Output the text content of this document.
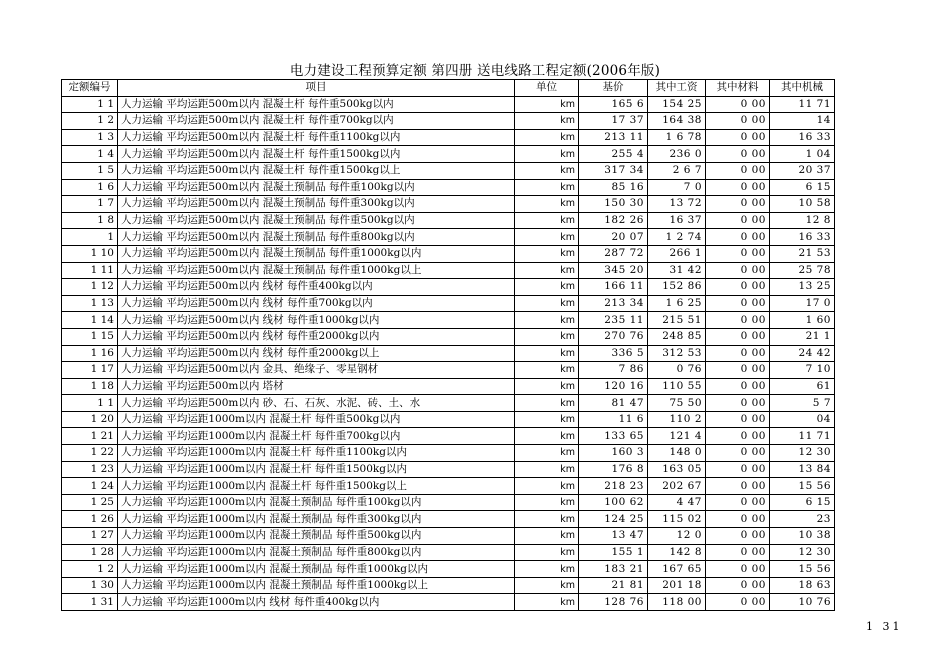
电力建设工程预算定额 第四册 送电线路工程定额(2006年版)
定额编号	项目	单位	基价	其中工资	其中材料	其中机械
1 1	人力运输 平均运距500m以内 混凝土杆 每件重500kg以内	km	165 6	154 25	0 00	11 71
1 2	人力运输 平均运距500m以内 混凝土杆 每件重700kg以内	km	17 37	164 38	0 00	14
1 3	人力运输 平均运距500m以内 混凝土杆 每件重1100kg以内	km	213 11	1 6 78	0 00	16 33
1 4	人力运输 平均运距500m以内 混凝土杆 每件重1500kg以内	km	255 4	236 0	0 00	1 04
1 5	人力运输 平均运距500m以内 混凝土杆 每件重1500kg以上	km	317 34	2 6 7	0 00	20 37
1 6	人力运输 平均运距500m以内 混凝土预制品 每件重100kg以内	km	85 16	7 0	0 00	6 15
1 7	人力运输 平均运距500m以内 混凝土预制品 每件重300kg以内	km	150 30	13 72	0 00	10 58
1 8	人力运输 平均运距500m以内 混凝土预制品 每件重500kg以内	km	182 26	16 37	0 00	12 8
1	人力运输 平均运距500m以内 混凝土预制品 每件重800kg以内	km	20 07	1 2 74	0 00	16 33
1 10	人力运输 平均运距500m以内 混凝土预制品 每件重1000kg以内	km	287 72	266 1	0 00	21 53
1 11	人力运输 平均运距500m以内 混凝土预制品 每件重1000kg以上	km	345 20	31 42	0 00	25 78
1 12	人力运输 平均运距500m以内 线材 每件重400kg以内	km	166 11	152 86	0 00	13 25
1 13	人力运输 平均运距500m以内 线材 每件重700kg以内	km	213 34	1 6 25	0 00	17 0
1 14	人力运输 平均运距500m以内 线材 每件重1000kg以内	km	235 11	215 51	0 00	1 60
1 15	人力运输 平均运距500m以内 线材 每件重2000kg以内	km	270 76	248 85	0 00	21 1
1 16	人力运输 平均运距500m以内 线材 每件重2000kg以上	km	336 5	312 53	0 00	24 42
1 17	人力运输 平均运距500m以内 金具、绝缘子、零星钢材	km	7 86	0 76	0 00	7 10
1 18	人力运输 平均运距500m以内 塔材	km	120 16	110 55	0 00	61
1 1	人力运输 平均运距500m以内 砂、石、石灰、水泥、砖、土、水	km	81 47	75 50	0 00	5 7
1 20	人力运输 平均运距1000m以内 混凝土杆 每件重500kg以内	km	11 6	110 2	0 00	04
1 21	人力运输 平均运距1000m以内 混凝土杆 每件重700kg以内	km	133 65	121 4	0 00	11 71
1 22	人力运输 平均运距1000m以内 混凝土杆 每件重1100kg以内	km	160 3	148 0	0 00	12 30
1 23	人力运输 平均运距1000m以内 混凝土杆 每件重1500kg以内	km	176 8	163 05	0 00	13 84
1 24	人力运输 平均运距1000m以内 混凝土杆 每件重1500kg以上	km	218 23	202 67	0 00	15 56
1 25	人力运输 平均运距1000m以内 混凝土预制品 每件重100kg以内	km	100 62	4 47	0 00	6 15
1 26	人力运输 平均运距1000m以内 混凝土预制品 每件重300kg以内	km	124 25	115 02	0 00	23
1 27	人力运输 平均运距1000m以内 混凝土预制品 每件重500kg以内	km	13 47	12 0	0 00	10 38
1 28	人力运输 平均运距1000m以内 混凝土预制品 每件重800kg以内	km	155 1	142 8	0 00	12 30
1 2	人力运输 平均运距1000m以内 混凝土预制品 每件重1000kg以内	km	183 21	167 65	0 00	15 56
1 30	人力运输 平均运距1000m以内 混凝土预制品 每件重1000kg以上	km	21 81	201 18	0 00	18 63
1 31	人力运输 平均运距1000m以内 线材 每件重400kg以内	km	128 76	118 00	0 00	10 76
1 31
